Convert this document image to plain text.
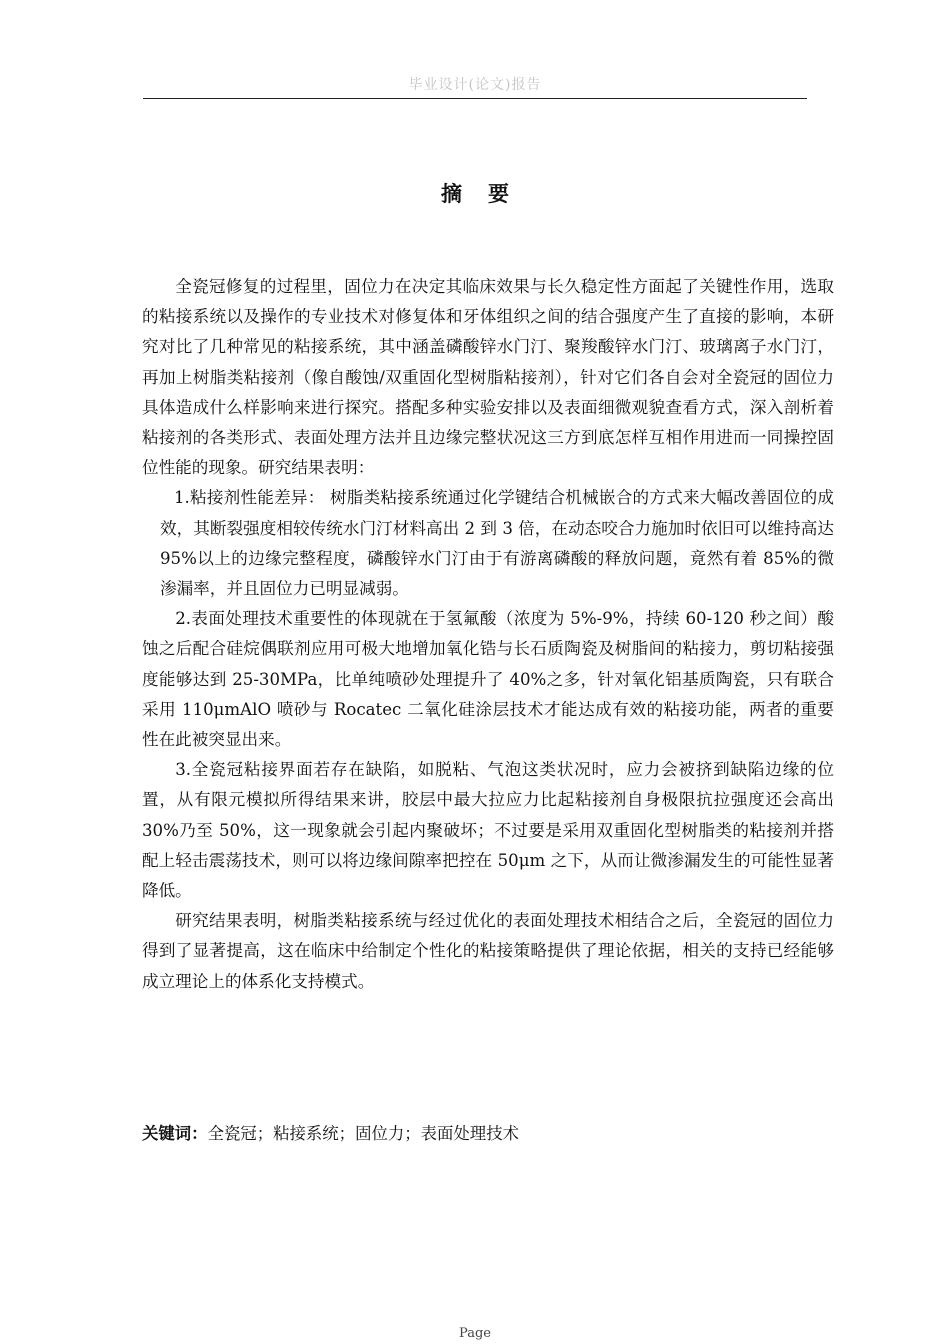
毕业设计(论文)报告
摘要

全瓷冠修复的过程里，固位力在决定其临床效果与长久稳定性方面起了关键性作用，选取的粘接系统以及操作的专业技术对修复体和牙体组织之间的结合强度产生了直接的影响，本研究对比了几种常见的粘接系统，其中涵盖磷酸锌水门汀、聚羧酸锌水门汀、玻璃离子水门汀，再加上树脂类粘接剂（像自酸蚀/双重固化型树脂粘接剂），针对它们各自会对全瓷冠的固位力具体造成什么样影响来进行探究。搭配多种实验安排以及表面细微观貌查看方式，深入剖析着粘接剂的各类形式、表面处理方法并且边缘完整状况这三方到底怎样互相作用进而一同操控固位性能的现象。研究结果表明：

1.粘接剂性能差异： 树脂类粘接系统通过化学键结合机械嵌合的方式来大幅改善固位的成效，其断裂强度相较传统水门汀材料高出 2 到 3 倍，在动态咬合力施加时依旧可以维持高达 95%以上的边缘完整程度，磷酸锌水门汀由于有游离磷酸的释放问题，竟然有着 85%的微渗漏率，并且固位力已明显减弱。

2.表面处理技术重要性的体现就在于氢氟酸（浓度为 5%-9%，持续 60-120 秒之间）酸蚀之后配合硅烷偶联剂应用可极大地增加氧化锆与长石质陶瓷及树脂间的粘接力，剪切粘接强度能够达到 25-30MPa，比单纯喷砂处理提升了 40%之多，针对氧化铝基质陶瓷，只有联合采用 110μmAlO 喷砂与 Rocatec 二氧化硅涂层技术才能达成有效的粘接功能，两者的重要性在此被突显出来。

3.全瓷冠粘接界面若存在缺陷，如脱粘、气泡这类状况时，应力会被挤到缺陷边缘的位置，从有限元模拟所得结果来讲，胶层中最大拉应力比起粘接剂自身极限抗拉强度还会高出 30%乃至 50%，这一现象就会引起内聚破坏；不过要是采用双重固化型树脂类的粘接剂并搭配上轻击震荡技术，则可以将边缘间隙率把控在 50μm 之下，从而让微渗漏发生的可能性显著降低。

研究结果表明，树脂类粘接系统与经过优化的表面处理技术相结合之后，全瓷冠的固位力得到了显著提高，这在临床中给制定个性化的粘接策略提供了理论依据，相关的支持已经能够成立理论上的体系化支持模式。

关键词：全瓷冠；粘接系统；固位力；表面处理技术
Page
